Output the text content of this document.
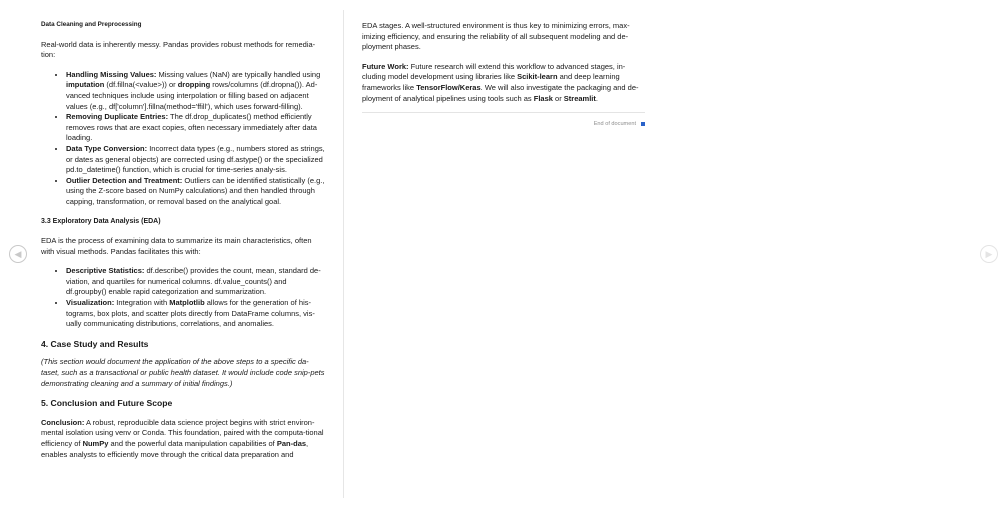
◀	▶

Data Cleaning and Preprocessing

Real-world data is inherently messy. Pandas provides robust methods for remedia-tion:

• Handling Missing Values: Missing values (NaN) are typically handled using imputation (df.fillna(<value>)) or dropping rows/columns (df.dropna()). Ad-vanced techniques include using interpolation or filling based on adjacent values (e.g., df['column'].fillna(method='ffill'), which uses forward-filling).
• Removing Duplicate Entries: The df.drop_duplicates() method efficiently removes rows that are exact copies, often necessary immediately after data loading.
• Data Type Conversion: Incorrect data types (e.g., numbers stored as strings, or dates as general objects) are corrected using df.astype() or the specialized pd.to_datetime() function, which is crucial for time-series analy-sis.
• Outlier Detection and Treatment: Outliers can be identified statistically (e.g., using the Z-score based on NumPy calculations) and then handled through capping, transformation, or removal based on the analytical goal.

3.3 Exploratory Data Analysis (EDA)

EDA is the process of examining data to summarize its main characteristics, often with visual methods. Pandas facilitates this with:

• Descriptive Statistics: df.describe() provides the count, mean, standard de-viation, and quartiles for numerical columns. df.value_counts() and df.groupby() enable rapid categorization and summarization.
• Visualization: Integration with Matplotlib allows for the generation of his-tograms, box plots, and scatter plots directly from DataFrame columns, vis-ually communicating distributions, correlations, and anomalies.

4. Case Study and Results

(This section would document the application of the above steps to a specific da-taset, such as a transactional or public health dataset. It would include code snip-pets demonstrating cleaning and a summary of initial findings.)

5. Conclusion and Future Scope

Conclusion: A robust, reproducible data science project begins with strict environ-mental isolation using venv or Conda. This foundation, paired with the computa-tional efficiency of NumPy and the powerful data manipulation capabilities of Pan-das, enables analysts to efficiently move through the critical data preparation and

EDA stages. A well-structured environment is thus key to minimizing errors, max-imizing efficiency, and ensuring the reliability of all subsequent modeling and de-ployment phases.

Future Work: Future research will extend this workflow to advanced stages, in-cluding model development using libraries like Scikit-learn and deep learning frameworks like TensorFlow/Keras. We will also investigate the packaging and de-ployment of analytical pipelines using tools such as Flask or Streamlit.

End of document
